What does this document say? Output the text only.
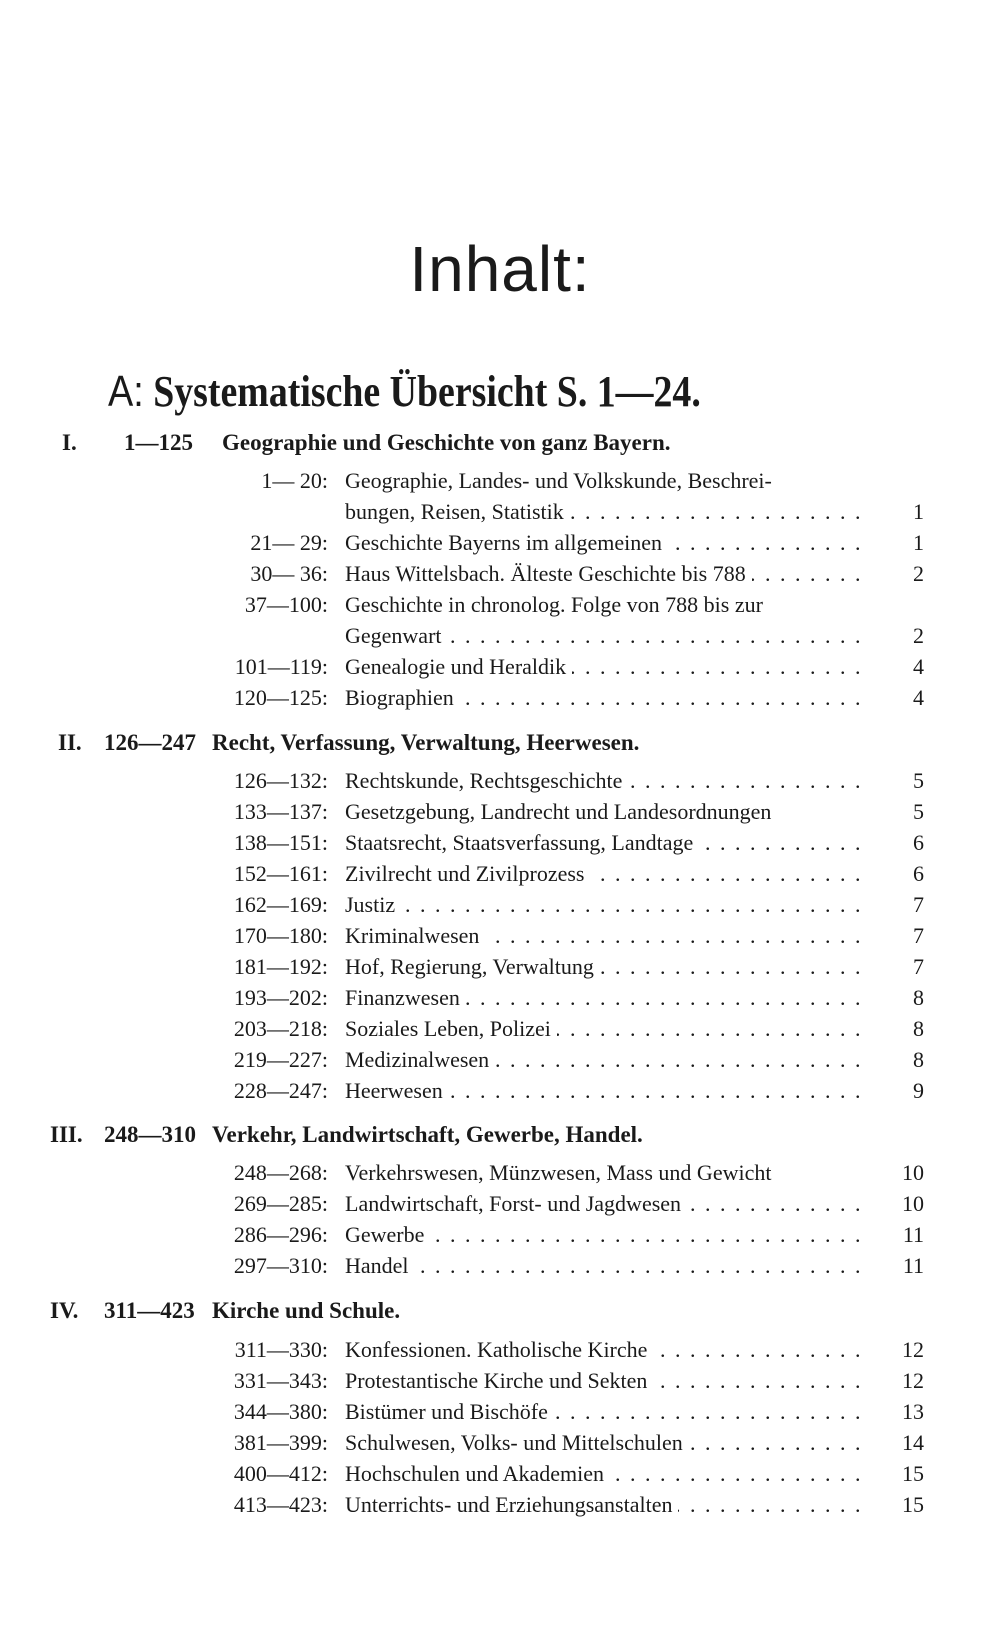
Inhalt:
A: Systematische Übersicht S. 1—24.
I.	1—125 Geographie und Geschichte von ganz Bayern.
1— 20: Geographie, Landes- und Volkskunde, Beschrei-
bungen, Reisen, Statistik . . .	1
21— 29: Geschichte Bayerns im allgemeinen . . .	1
30— 36: Haus Wittelsbach. Älteste Geschichte bis 788 . . .	2
37—100: Geschichte in chronolog. Folge von 788 bis zur
Gegenwart . . .	2
101—119: Genealogie und Heraldik . . .	4
120—125: Biographien . . .	4
II. 126—247 Recht, Verfassung, Verwaltung, Heerwesen.
126—132: Rechtskunde, Rechtsgeschichte . . .	5
133—137: Gesetzgebung, Landrecht und Landesordnungen	5
138—151: Staatsrecht, Staatsverfassung, Landtage . . .	6
152—161: Zivilrecht und Zivilprozess . . .	6
162—169: Justiz . . .	7
170—180: Kriminalwesen . . .	7
181—192: Hof, Regierung, Verwaltung . . .	7
193—202: Finanzwesen . . .	8
203—218: Soziales Leben, Polizei . . .	8
219—227: Medizinalwesen . . .	8
228—247: Heerwesen . . .	9
III. 248—310 Verkehr, Landwirtschaft, Gewerbe, Handel.
248—268: Verkehrswesen, Münzwesen, Mass und Gewicht	10
269—285: Landwirtschaft, Forst- und Jagdwesen . . .	10
286—296: Gewerbe . . .	11
297—310: Handel . . .	11
IV. 311—423 Kirche und Schule.
311—330: Konfessionen. Katholische Kirche . . .	12
331—343: Protestantische Kirche und Sekten . . .	12
344—380: Bistümer und Bischöfe . . .	13
381—399: Schulwesen, Volks- und Mittelschulen . . .	14
400—412: Hochschulen und Akademien . . .	15
413—423: Unterrichts- und Erziehungsanstalten . . .	15
